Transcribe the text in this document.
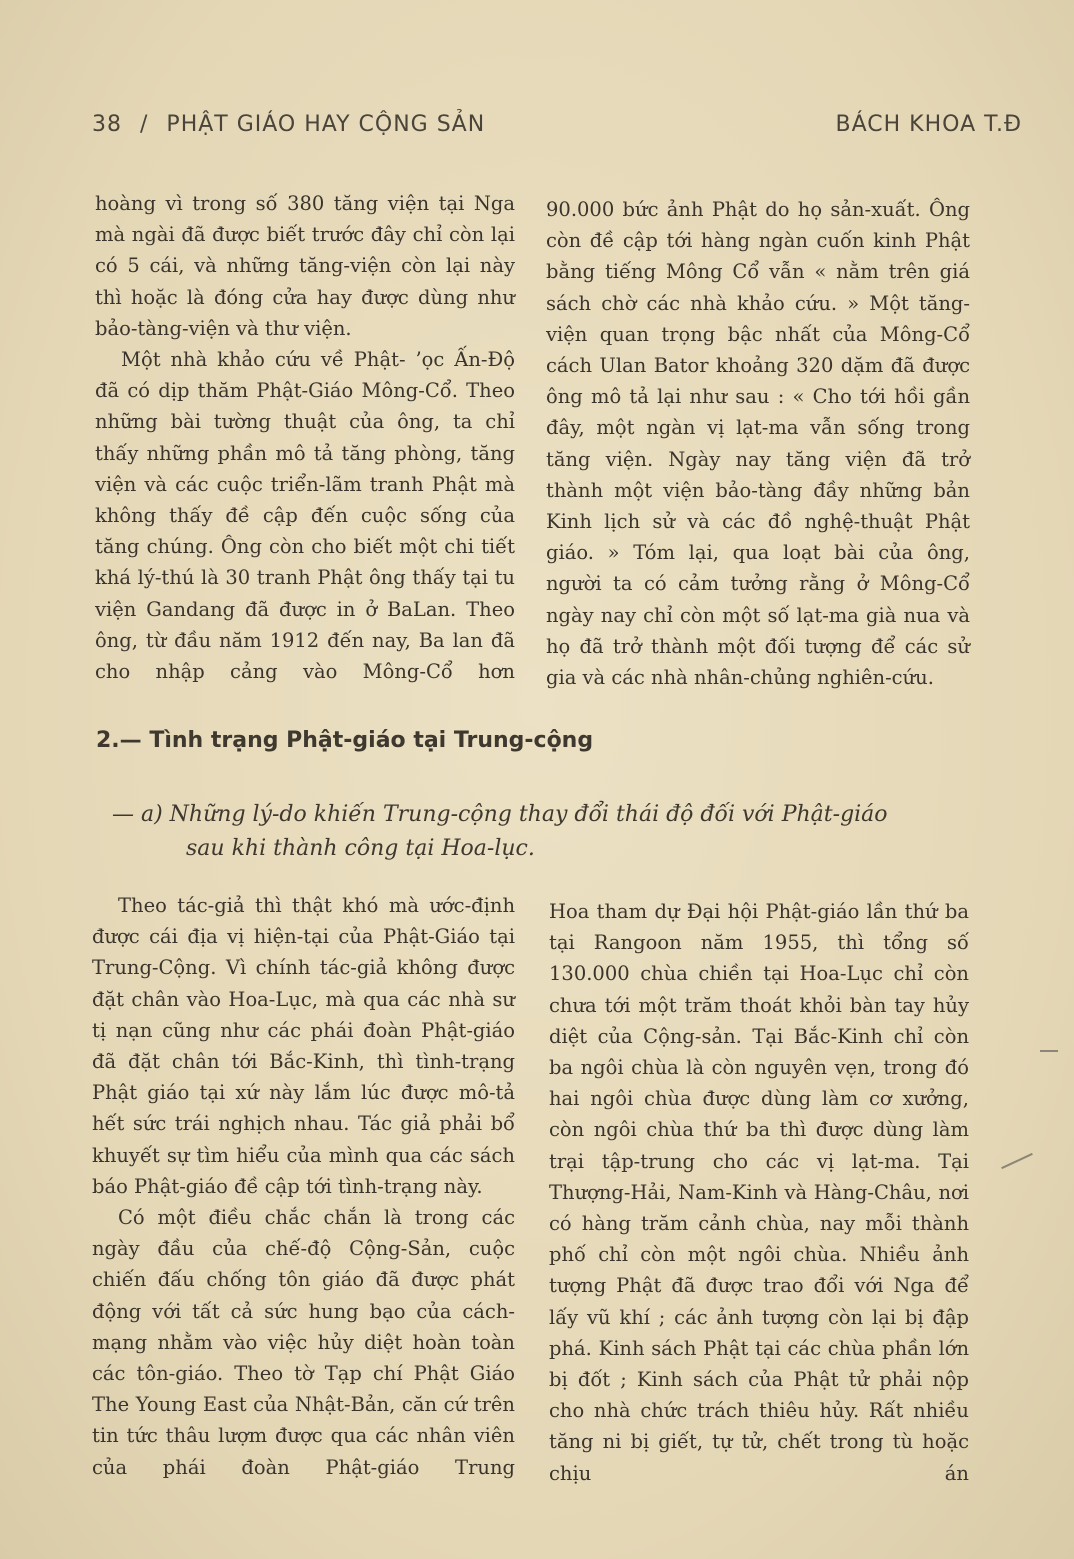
38 / PHẬT GIÁO HAY CỘNG SẢN	BÁCH KHOA T.Đ

hoàng vì trong số 380 tăng viện tại Nga mà ngài đã được biết trước đây chỉ còn lại có 5 cái, và những tăng-viện còn lại này thì hoặc là đóng cửa hay được dùng như bảo-tàng-viện và thư viện.

Một nhà khảo cứu về Phật- ’ọc Ấn-Độ đã có dịp thăm Phật-Giáo Mông-Cổ. Theo những bài tường thuật của ông, ta chỉ thấy những phần mô tả tăng phòng, tăng viện và các cuộc triển-lãm tranh Phật mà không thấy đề cập đến cuộc sống của tăng chúng. Ông còn cho biết một chi tiết khá lý-thú là 30 tranh Phật ông thấy tại tu viện Gandang đã được in ở BaLan. Theo ông, từ đầu năm 1912 đến nay, Ba lan đã cho nhập cảng vào Mông-Cổ hơn

90.000 bức ảnh Phật do họ sản-xuất. Ông còn đề cập tới hàng ngàn cuốn kinh Phật bằng tiếng Mông Cổ vẫn « nằm trên giá sách chờ các nhà khảo cứu. » Một tăng-viện quan trọng bậc nhất của Mông-Cổ cách Ulan Bator khoảng 320 dặm đã được ông mô tả lại như sau : « Cho tới hồi gần đây, một ngàn vị lạt-ma vẫn sống trong tăng viện. Ngày nay tăng viện đã trở thành một viện bảo-tàng đầy những bản Kinh lịch sử và các đồ nghệ-thuật Phật giáo. » Tóm lại, qua loạt bài của ông, người ta có cảm tưởng rằng ở Mông-Cổ ngày nay chỉ còn một số lạt-ma già nua và họ đã trở thành một đối tượng để các sử gia và các nhà nhân-chủng nghiên-cứu.

2.— Tình trạng Phật-giáo tại Trung-cộng
— a) Những lý-do khiến Trung-cộng thay đổi thái độ đối với Phật-giáo
sau khi thành công tại Hoa-lục.

Theo tác-giả thì thật khó mà ước-định được cái địa vị hiện-tại của Phật-Giáo tại Trung-Cộng. Vì chính tác-giả không được đặt chân vào Hoa-Lục, mà qua các nhà sư tị nạn cũng như các phái đoàn Phật-giáo đã đặt chân tới Bắc-Kinh, thì tình-trạng Phật giáo tại xứ này lắm lúc được mô-tả hết sức trái nghịch nhau. Tác giả phải bổ khuyết sự tìm hiểu của mình qua các sách báo Phật-giáo đề cập tới tình-trạng này.

Có một điều chắc chắn là trong các ngày đầu của chế-độ Cộng-Sản, cuộc chiến đấu chống tôn giáo đã được phát động với tất cả sức hung bạo của cách-mạng nhằm vào việc hủy diệt hoàn toàn các tôn-giáo. Theo tờ Tạp chí Phật Giáo The Young East của Nhật-Bản, căn cứ trên tin tức thâu lượm được qua các nhân viên của phái đoàn Phật-giáo Trung

Hoa tham dự Đại hội Phật-giáo lần thứ ba tại Rangoon năm 1955, thì tổng số 130.000 chùa chiền tại Hoa-Lục chỉ còn chưa tới một trăm thoát khỏi bàn tay hủy diệt của Cộng-sản. Tại Bắc-Kinh chỉ còn ba ngôi chùa là còn nguyên vẹn, trong đó hai ngôi chùa được dùng làm cơ xưởng, còn ngôi chùa thứ ba thì được dùng làm trại tập-trung cho các vị lạt-ma. Tại Thượng-Hải, Nam-Kinh và Hàng-Châu, nơi có hàng trăm cảnh chùa, nay mỗi thành phố chỉ còn một ngôi chùa. Nhiều ảnh tượng Phật đã được trao đổi với Nga để lấy vũ khí ; các ảnh tượng còn lại bị đập phá. Kinh sách Phật tại các chùa phần lớn bị đốt ; Kinh sách của Phật tử phải nộp cho nhà chức trách thiêu hủy. Rất nhiều tăng ni bị giết, tự tử, chết trong tù hoặc chịu án
